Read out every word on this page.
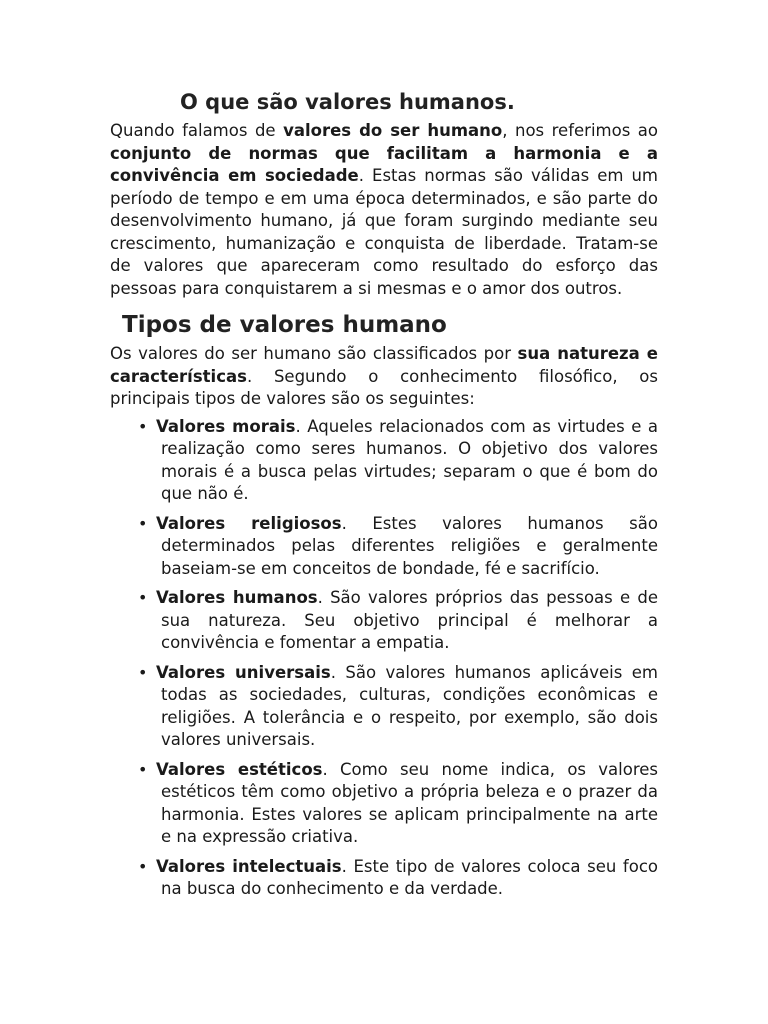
O que são valores humanos.

Quando falamos de valores do ser humano, nos referimos ao conjunto de normas que facilitam a harmonia e a convivência em sociedade. Estas normas são válidas em um período de tempo e em uma época determinados, e são parte do desenvolvimento humano, já que foram surgindo mediante seu crescimento, humanização e conquista de liberdade. Tratam-se de valores que apareceram como resultado do esforço das pessoas para conquistarem a si mesmas e o amor dos outros.

Tipos de valores humano

Os valores do ser humano são classificados por sua natureza e características. Segundo o conhecimento filosófico, os principais tipos de valores são os seguintes:

• Valores morais. Aqueles relacionados com as virtudes e a realização como seres humanos. O objetivo dos valores morais é a busca pelas virtudes; separam o que é bom do que não é.
• Valores religiosos. Estes valores humanos são determinados pelas diferentes religiões e geralmente baseiam-se em conceitos de bondade, fé e sacrifício.
• Valores humanos. São valores próprios das pessoas e de sua natureza. Seu objetivo principal é melhorar a convivência e fomentar a empatia.
• Valores universais. São valores humanos aplicáveis em todas as sociedades, culturas, condições econômicas e religiões. A tolerância e o respeito, por exemplo, são dois valores universais.
• Valores estéticos. Como seu nome indica, os valores estéticos têm como objetivo a própria beleza e o prazer da harmonia. Estes valores se aplicam principalmente na arte e na expressão criativa.
• Valores intelectuais. Este tipo de valores coloca seu foco na busca do conhecimento e da verdade.
